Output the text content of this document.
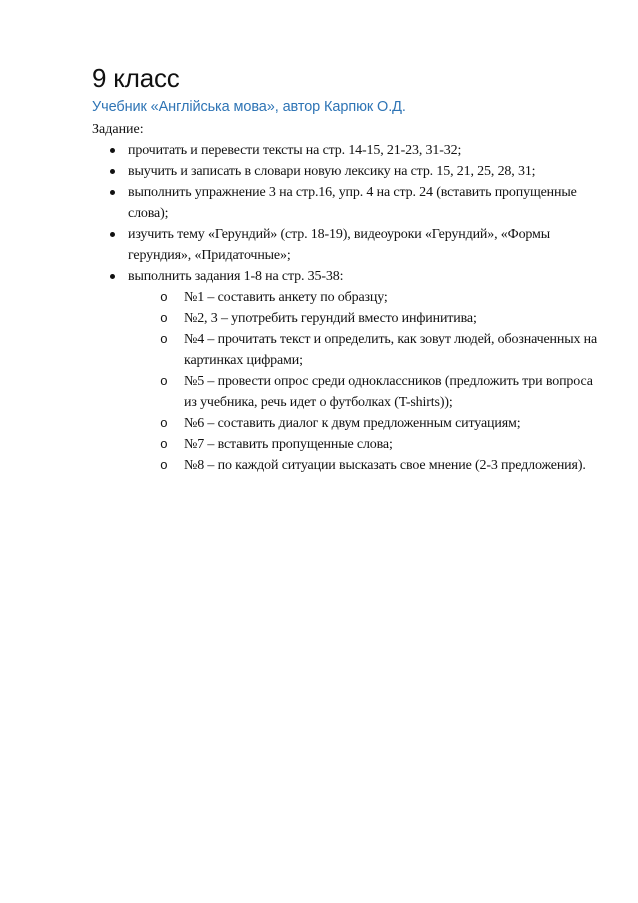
9 класс
Учебник «Англійська мова», автор Карпюк О.Д.
Задание:
прочитать и перевести тексты на стр. 14-15, 21-23, 31-32;
выучить и записать в словари новую лексику на стр. 15, 21, 25, 28, 31;
выполнить упражнение 3 на стр.16, упр. 4 на стр. 24 (вставить пропущенные слова);
изучить тему «Герундий» (стр. 18-19), видеоуроки «Герундий», «Формы герундия», «Придаточные»;
выполнить задания 1-8 на стр. 35-38:
o №1 – составить анкету по образцу;
o №2, 3 – употребить герундий вместо инфинитива;
o №4 – прочитать текст и определить, как зовут людей, обозначенных на картинках цифрами;
o №5 – провести опрос среди одноклассников (предложить три вопроса из учебника, речь идет о футболках (T-shirts));
o №6 – составить диалог к двум предложенным ситуациям;
o №7 – вставить пропущенные слова;
o №8 – по каждой ситуации высказать свое мнение (2-3 предложения).
